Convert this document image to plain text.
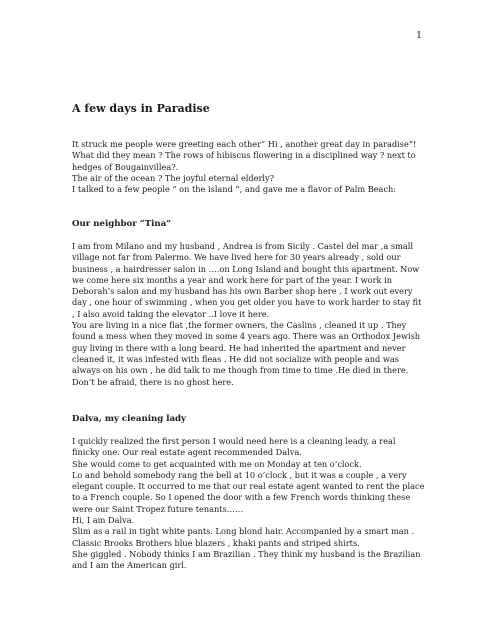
1
A few days in Paradise
It struck me people were greeting each other” Hi , another great day in paradise”!
What did they mean ? The rows of hibiscus flowering in a disciplined way ? next to
hedges of Bougainvillea?.
The air of the ocean ? The joyful eternal elderly?
I talked to a few people “ on the island “, and gave me a flavor of Palm Beach:
Our neighbor “Tina”
I am from Milano and my husband , Andrea is from Sicily . Castel del mar ,a small
village not far from Palermo. We have lived here for 30 years already , sold our
business , a hairdresser salon in ….on Long Island and bought this apartment. Now
we come here six months a year and work here for part of the year. I work in
Deborah’s salon and my husband has his own Barber shop here . I work out every
day , one hour of swimming , when you get older you have to work harder to stay fit
, I also avoid taking the elevator ..I love it here.
You are living in a nice flat ,the former owners, the Caslins , cleaned it up . They
found a mess when they moved in some 4 years ago. There was an Orthodox Jewish
guy living in there with a long beard. He had inherited the apartment and never
cleaned it, it was infested with fleas . He did not socialize with people and was
always on his own , he did talk to me though from time to time .He died in there.
Don’t be afraid, there is no ghost here.
Dalva, my cleaning lady
I quickly realized the first person I would need here is a cleaning leady, a real
finicky one. Our real estate agent recommended Dalva.
She would come to get acquainted with me on Monday at ten o’clock.
Lo and behold somebody rang the bell at 10 o’clock , but it was a couple , a very
elegant couple. It occurred to me that our real estate agent wanted to rent the place
to a French couple. So I opened the door with a few French words thinking these
were our Saint Tropez future tenants……
Hi, I am Dalva.
Slim as a rail in tight white pants. Long blond hair. Accompanied by a smart man .
Classic Brooks Brothers blue blazers , khaki pants and striped shirts.
She giggled . Nobody thinks I am Brazilian . They think my husband is the Brazilian
and I am the American girl.
